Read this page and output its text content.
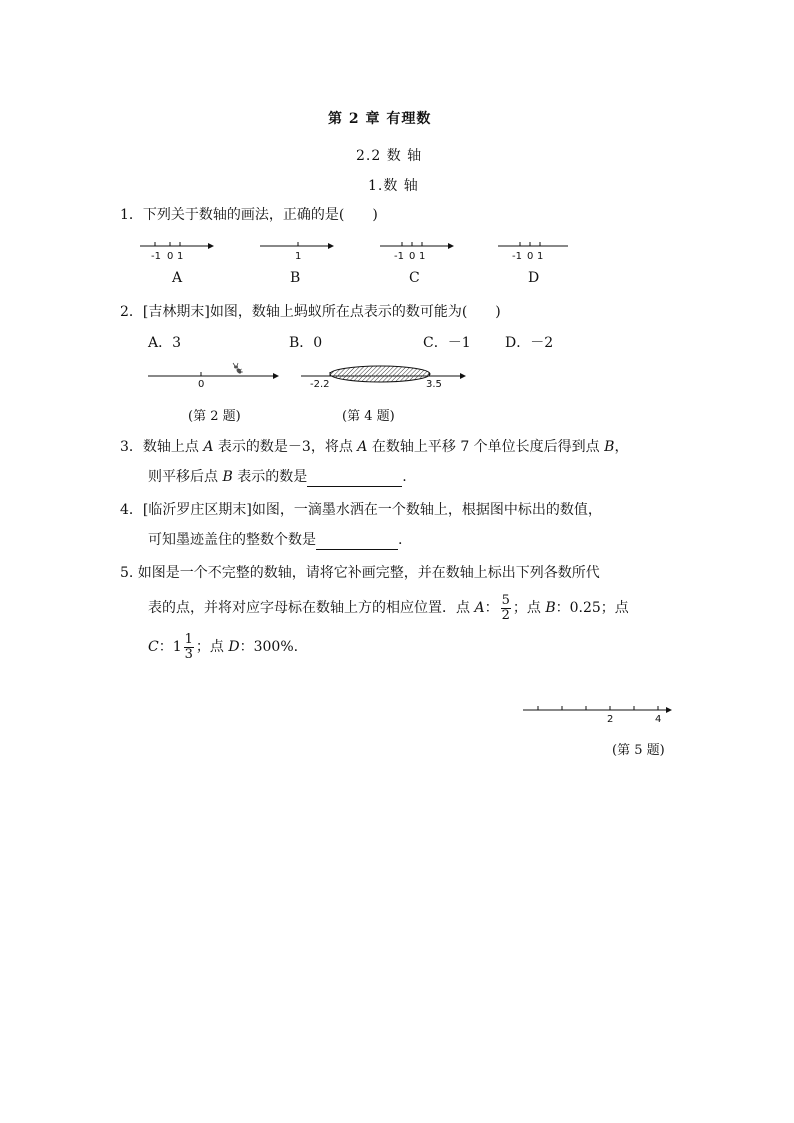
第 2 章 有理数
2.2 数 轴
1.数 轴
1．下列关于数轴的画法，正确的是(　　)
-1 0 1	1	-1 0 1	-1 0 1
A	B	C	D
2．[吉林期末]如图，数轴上蚂蚁所在点表示的数可能为(　　)
A．3	B．0	C．－1 D．－2
0	-2.2	3.5
(第 2 题)	(第 4 题)
3．数轴上点 A 表示的数是－3，将点 A 在数轴上平移 7 个单位长度后得到点 B，
则平移后点 B 表示的数是	.
4．[临沂罗庄区期末]如图，一滴墨水洒在一个数轴上，根据图中标出的数值，
可知墨迹盖住的整数个数是	.
5. 如图是一个不完整的数轴，请将它补画完整，并在数轴上标出下列各数所代
表的点，并将对应字母标在数轴上方的相应位置．点 A： $\frac{5}{2}$ ；点 B：0.25；点
C：$1 \frac{1}{3}$ ；点 D：300%.
2	4
(第 5 题)
